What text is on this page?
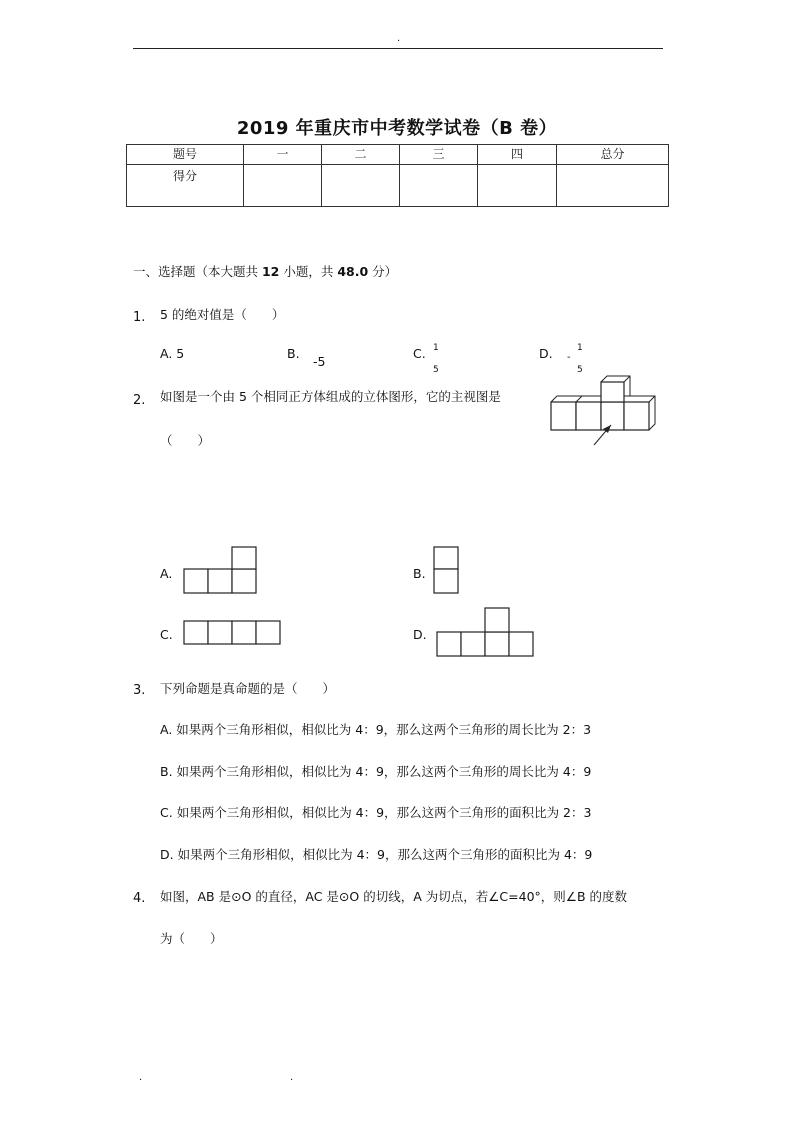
.
2019 年重庆市中考数学试卷（B 卷）
题号	一	二	三	四	总分
得分					
一、选择题（本大题共 12 小题，共 48.0 分）
1. 5 的绝对值是（　　）
A. 5	B.
-5
C. 1
5
D. -
1
5
2. 如图是一个由 5 个相同正方体组成的立体图形，它的主视图是
（　　）
A.	B.
C.	D.
3. 下列命题是真命题的是（　　）
A. 如果两个三角形相似，相似比为 4：9，那么这两个三角形的周长比为 2：3
B. 如果两个三角形相似，相似比为 4：9，那么这两个三角形的周长比为 4：9
C. 如果两个三角形相似，相似比为 4：9，那么这两个三角形的面积比为 2：3
D. 如果两个三角形相似，相似比为 4：9，那么这两个三角形的面积比为 4：9
4. 如图，AB 是⊙O 的直径，AC 是⊙O 的切线，A 为切点，若∠C=40°，则∠B 的度数
为（　　）
.	.
